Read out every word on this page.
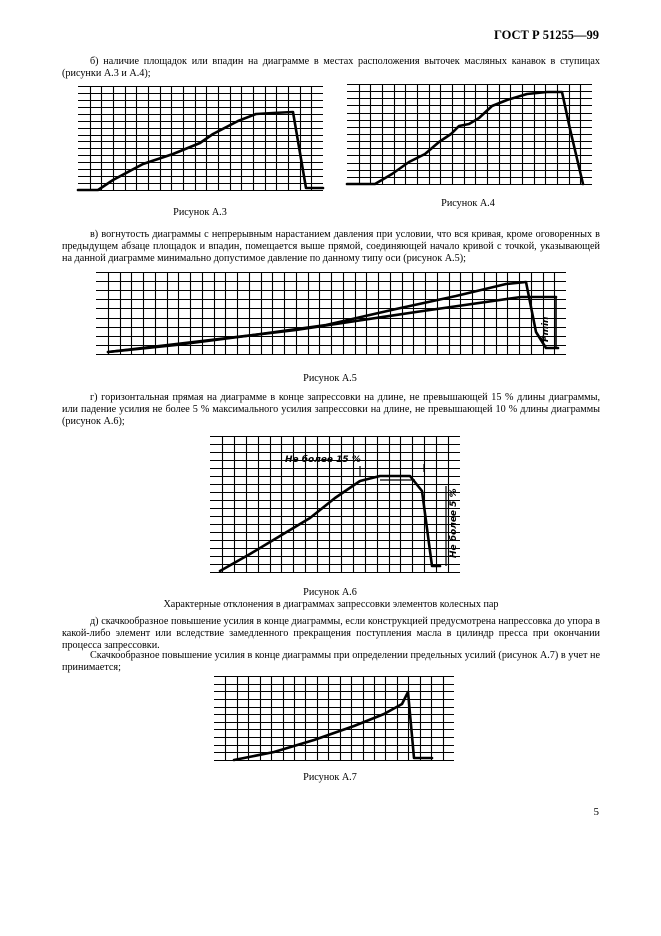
ГОСТ Р 51255—99
б) наличие площадок или впадин на диаграмме в местах расположения выточек масляных канавок в ступицах (рисунки А.3 и А.4);
Рисунок А.3
Рисунок А.4
в) вогнутость диаграммы с непрерывным нарастанием давления при условии, что вся кривая, кроме оговоренных в предыдущем абзаце площадок и впадин, помещается выше прямой, соединяющей начало кривой с точкой, указывающей на данной диаграмме минимально допустимое давление по данному типу оси (рисунок А.5);
Pmin
Рисунок А.5
г) горизонтальная прямая на диаграмме в конце запрессовки на длине, не превышающей 15 % длины диаграммы, или падение усилия не более 5 % максимального усилия запрессовки на длине, не превышающей 10 % длины диаграммы (рисунок А.6);
Не более 15 %
Не более 5 %
Рисунок А.6
Характерные отклонения в диаграммах запрессовки элементов колесных пар
д) скачкообразное повышение усилия в конце диаграммы, если конструкцией предусмотрена напрессовка до упора в какой-либо элемент или вследствие замедленного прекращения поступления масла в цилиндр пресса при окончании процесса запрессовки.
Скачкообразное повышение усилия в конце диаграммы при определении предельных усилий (рисунок А.7) в учет не принимается;
Рисунок А.7
5
